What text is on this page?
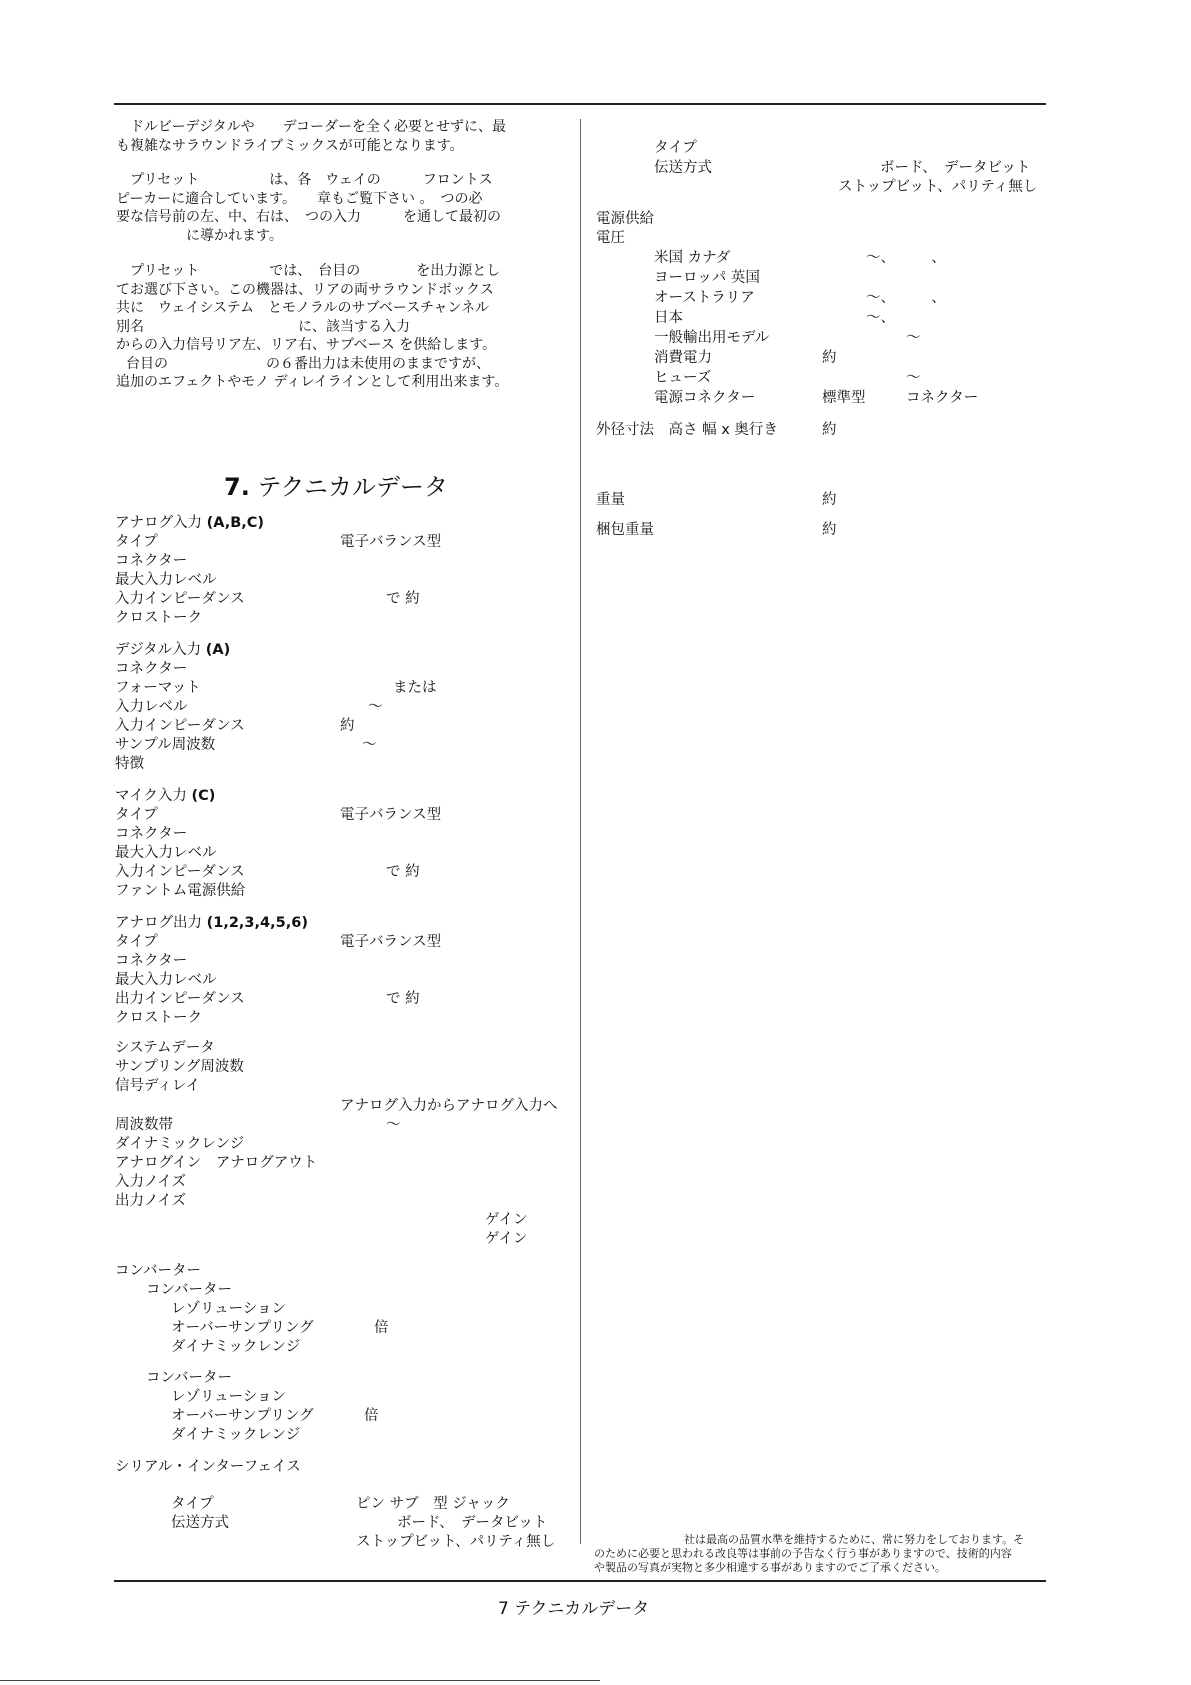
ドルビーデジタルや　　デコーダーを全く必要とせずに、最
も複雑なサラウンドライブミックスが可能となります。
プリセット　　　　　は、各　ウェイの　　　フロントス
ピーカーに適合しています。　　章もご覧下さい 。　つの必
要な信号前の左、中、右は、　つの入力　　　を通して最初の
　　　　　に導かれます。
プリセット　　　　　では、　台目の　　　　を出力源とし
てお選び下さい。この機器は、リアの両サラウンドボックス
共に　ウェイシステム　とモノラルのサブベースチャンネル
別名　　　　　　　　　　　に、該当する入力
からの入力信号リア左、リア右、サブベース を供給します。
台目の　　　　　　　の６番出力は未使用のままですが、
追加のエフェクトやモノ ディレイラインとして利用出来ます。
7. テクニカルデータ
アナログ入力 (A,B,C)
タイプ	電子バランス型
コネクター
最大入力レベル
入力インピーダンス	で 約
クロストーク
デジタル入力 (A)
コネクター
フォーマット	または
入力レベル	～
入力インピーダンス	約
サンプル周波数	～
特徴
マイク入力 (C)
タイプ	電子バランス型
コネクター
最大入力レベル
入力インピーダンス	で 約
ファントム電源供給
アナログ出力 (1,2,3,4,5,6)
タイプ	電子バランス型
コネクター
最大入力レベル
出力インピーダンス	で 約
クロストーク
システムデータ
サンプリング周波数
信号ディレイ
アナログ入力からアナログ入力へ
周波数帯	～
ダイナミックレンジ
アナログイン　アナログアウト
入力ノイズ
出力ノイズ
ゲイン
ゲイン
コンバーター
コンバーター
レゾリューション
オーバーサンプリング	倍
ダイナミックレンジ
コンバーター
レゾリューション
オーバーサンプリング	倍
ダイナミックレンジ
シリアル・インターフェイス
タイプ	ピン サブ　型 ジャック
伝送方式	ボード、　データビット
ストップビット、パリティ無し
タイプ
伝送方式	ボード、　データビット
ストップビット、パリティ無し
電源供給
電圧
米国 カナダ	～、　　　、
ヨーロッパ 英国
オーストラリア	～、　　　、
日本	～、
一般輸出用モデル	～
消費電力	約
ヒューズ	～
電源コネクター	標準型	コネクター
外径寸法　高さ 幅 x 奥行き	約
重量	約
梱包重量	約
社は最高の品質水準を維持するために、常に努力をしております。そ
のために必要と思われる改良等は事前の予告なく行う事がありますので、技術的内容
や製品の写真が実物と多少相違する事がありますのでご了承ください。
7 テクニカルデータ
